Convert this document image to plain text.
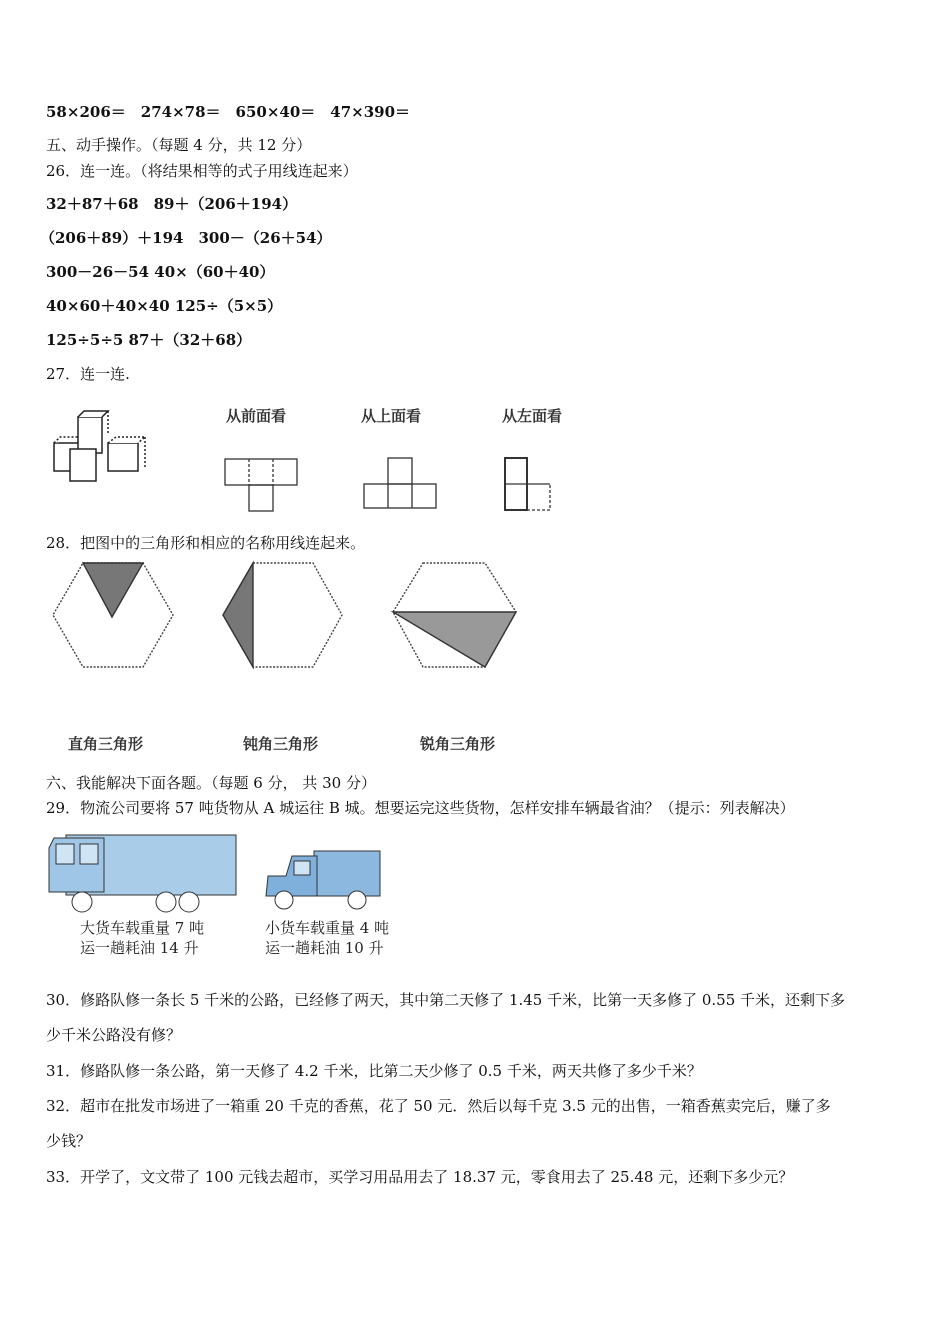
58×206＝　274×78＝　650×40＝　47×390＝
五、动手操作。（每题 4 分，共 12 分）
26．连一连。（将结果相等的式子用线连起来）
32＋87＋68　89＋（206＋194）
（206＋89）＋194　300－（26＋54）
300－26－54 40×（60＋40）
40×60＋40×40 125÷（5×5）
125÷5÷5 87＋（32＋68）
27．连一连.
从前面看	从上面看	从左面看
28．把图中的三角形和相应的名称用线连起来。
直角三角形	钝角三角形	锐角三角形
六、我能解决下面各题。（每题 6 分， 共 30 分）
29．物流公司要将 57 吨货物从 A 城运往 B 城。想要运完这些货物，怎样安排车辆最省油？（提示：列表解决）
大货车载重量 7 吨
运一趟耗油 14 升
小货车载重量 4 吨
运一趟耗油 10 升
30．修路队修一条长 5 千米的公路，已经修了两天，其中第二天修了 1.45 千米，比第一天多修了 0.55 千米，还剩下多
少千米公路没有修？
31．修路队修一条公路，第一天修了 4.2 千米，比第二天少修了 0.5 千米，两天共修了多少千米？
32．超市在批发市场进了一箱重 20 千克的香蕉，花了 50 元．然后以每千克 3.5 元的出售，一箱香蕉卖完后，赚了多
少钱？
33．开学了，文文带了 100 元钱去超市，买学习用品用去了 18.37 元，零食用去了 25.48 元，还剩下多少元？
